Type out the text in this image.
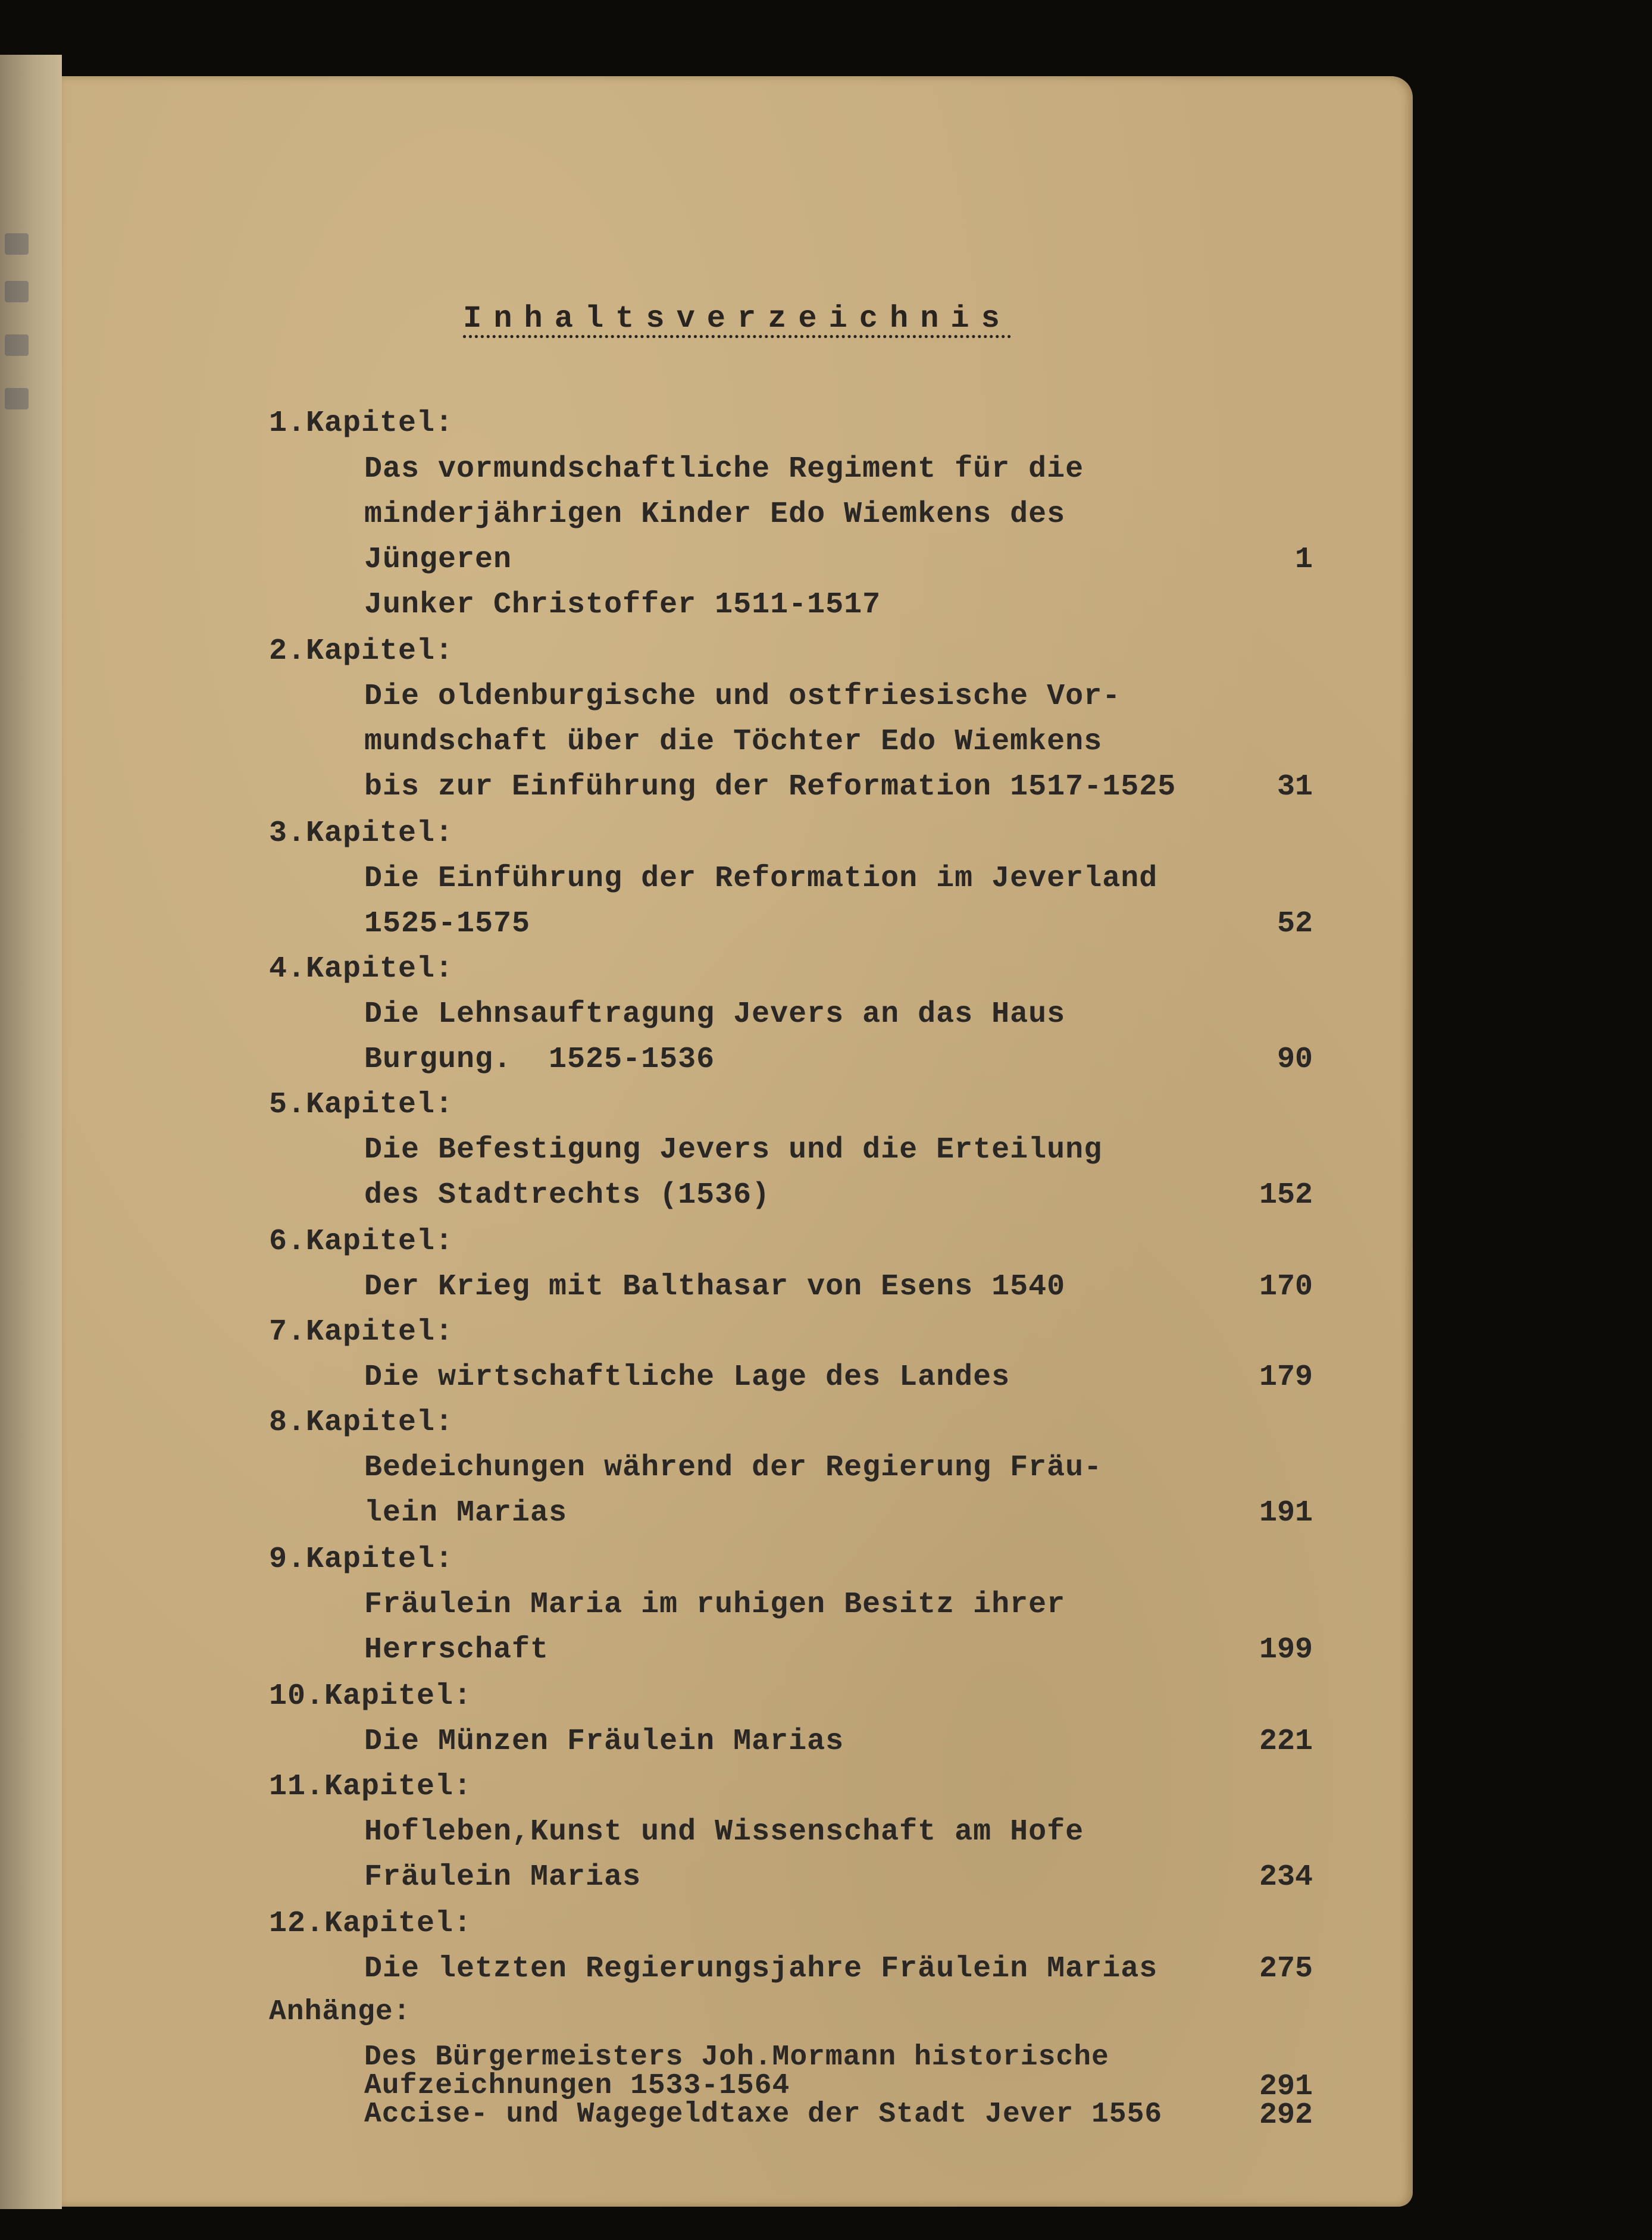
Inhaltsverzeichnis
1.Kapitel:
Das vormundschaftliche Regiment für die
minderjährigen Kinder Edo Wiemkens des
Jüngeren	1
Junker Christoffer 1511-1517
2.Kapitel:
Die oldenburgische und ostfriesische Vor-
mundschaft über die Töchter Edo Wiemkens
bis zur Einführung der Reformation 1517-1525	31
3.Kapitel:
Die Einführung der Reformation im Jeverland
1525-1575	52
4.Kapitel:
Die Lehnsauftragung Jevers an das Haus
Burgung.  1525-1536	90
5.Kapitel:
Die Befestigung Jevers und die Erteilung
des Stadtrechts (1536)	152
6.Kapitel:
Der Krieg mit Balthasar von Esens 1540	170
7.Kapitel:
Die wirtschaftliche Lage des Landes	179
8.Kapitel:
Bedeichungen während der Regierung Fräu-
lein Marias	191
9.Kapitel:
Fräulein Maria im ruhigen Besitz ihrer
Herrschaft	199
10.Kapitel:
Die Münzen Fräulein Marias	221
11.Kapitel:
Hofleben,Kunst und Wissenschaft am Hofe
Fräulein Marias	234
12.Kapitel:
Die letzten Regierungsjahre Fräulein Marias	275
Anhänge:
Des Bürgermeisters Joh.Mormann historische
Aufzeichnungen 1533-1564	291
Accise- und Wagegeldtaxe der Stadt Jever 1556	292
